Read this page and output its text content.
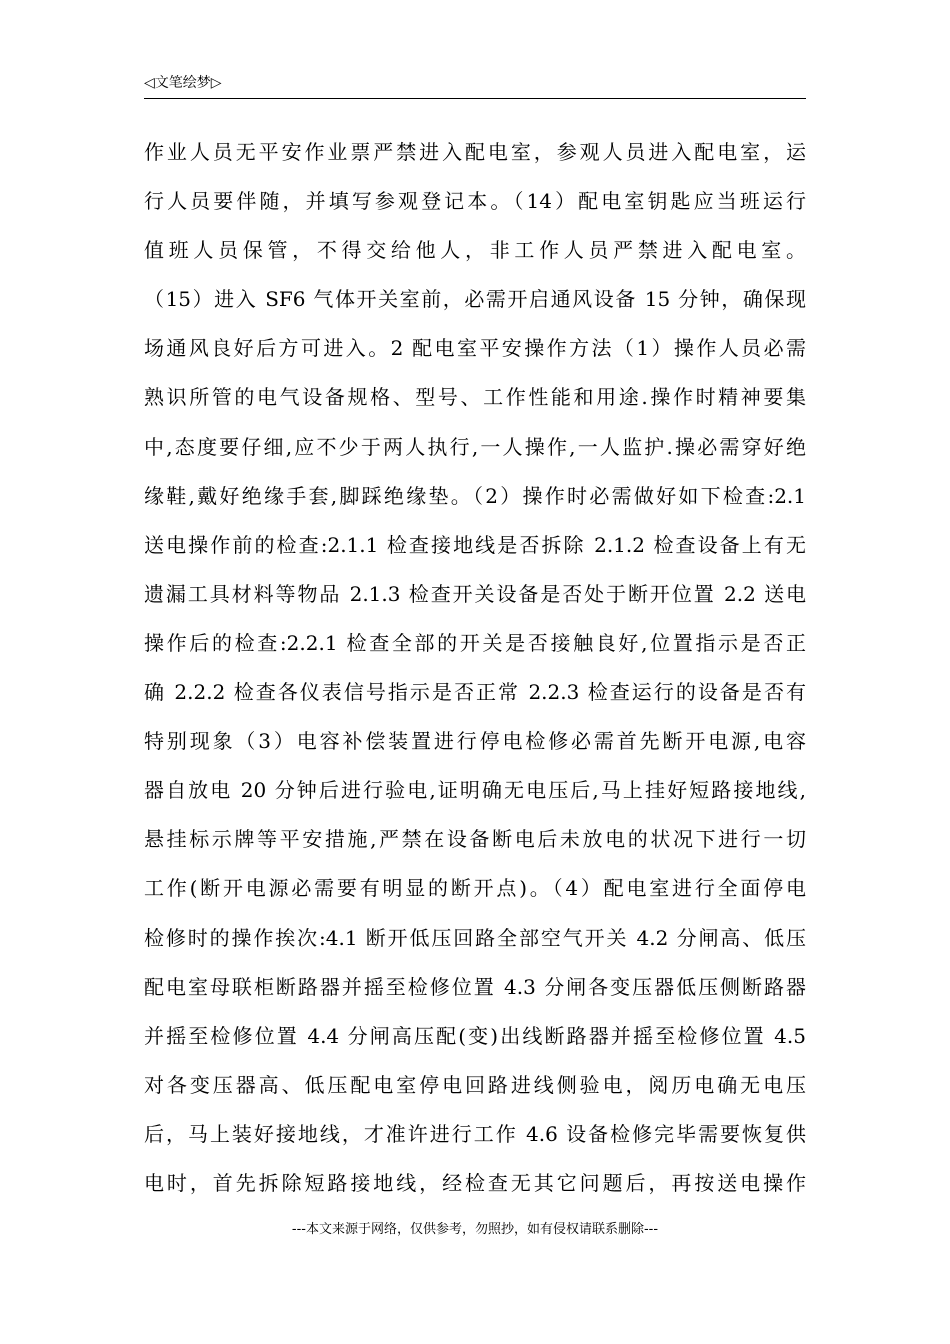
◁文笔绘梦▷
作业人员无平安作业票严禁进入配电室，参观人员进入配电室，运
行人员要伴随，并填写参观登记本。（14）配电室钥匙应当班运行
值班人员保管，不得交给他人，非工作人员严禁进入配电室。
（15）进入 SF6 气体开关室前，必需开启通风设备 15 分钟，确保现
场通风良好后方可进入。2 配电室平安操作方法（1）操作人员必需
熟识所管的电气设备规格、型号、工作性能和用途.操作时精神要集
中,态度要仔细,应不少于两人执行,一人操作,一人监护.操必需穿好绝
缘鞋,戴好绝缘手套,脚踩绝缘垫。（2）操作时必需做好如下检查:2.1
送电操作前的检查:2.1.1 检查接地线是否拆除 2.1.2 检查设备上有无
遗漏工具材料等物品 2.1.3 检查开关设备是否处于断开位置 2.2 送电
操作后的检查:2.2.1 检查全部的开关是否接触良好,位置指示是否正
确 2.2.2 检查各仪表信号指示是否正常 2.2.3 检查运行的设备是否有
特别现象（3）电容补偿装置进行停电检修必需首先断开电源,电容
器自放电 20 分钟后进行验电,证明确无电压后,马上挂好短路接地线,
悬挂标示牌等平安措施,严禁在设备断电后未放电的状况下进行一切
工作(断开电源必需要有明显的断开点)。（4）配电室进行全面停电
检修时的操作挨次:4.1 断开低压回路全部空气开关 4.2 分闸高、低压
配电室母联柜断路器并摇至检修位置 4.3 分闸各变压器低压侧断路器
并摇至检修位置 4.4 分闸高压配(变)出线断路器并摇至检修位置 4.5
对各变压器高、低压配电室停电回路进线侧验电，阅历电确无电压
后，马上装好接地线，才准许进行工作 4.6 设备检修完毕需要恢复供
电时，首先拆除短路接地线，经检查无其它问题后，再按送电操作
---本文来源于网络，仅供参考，勿照抄，如有侵权请联系删除---
